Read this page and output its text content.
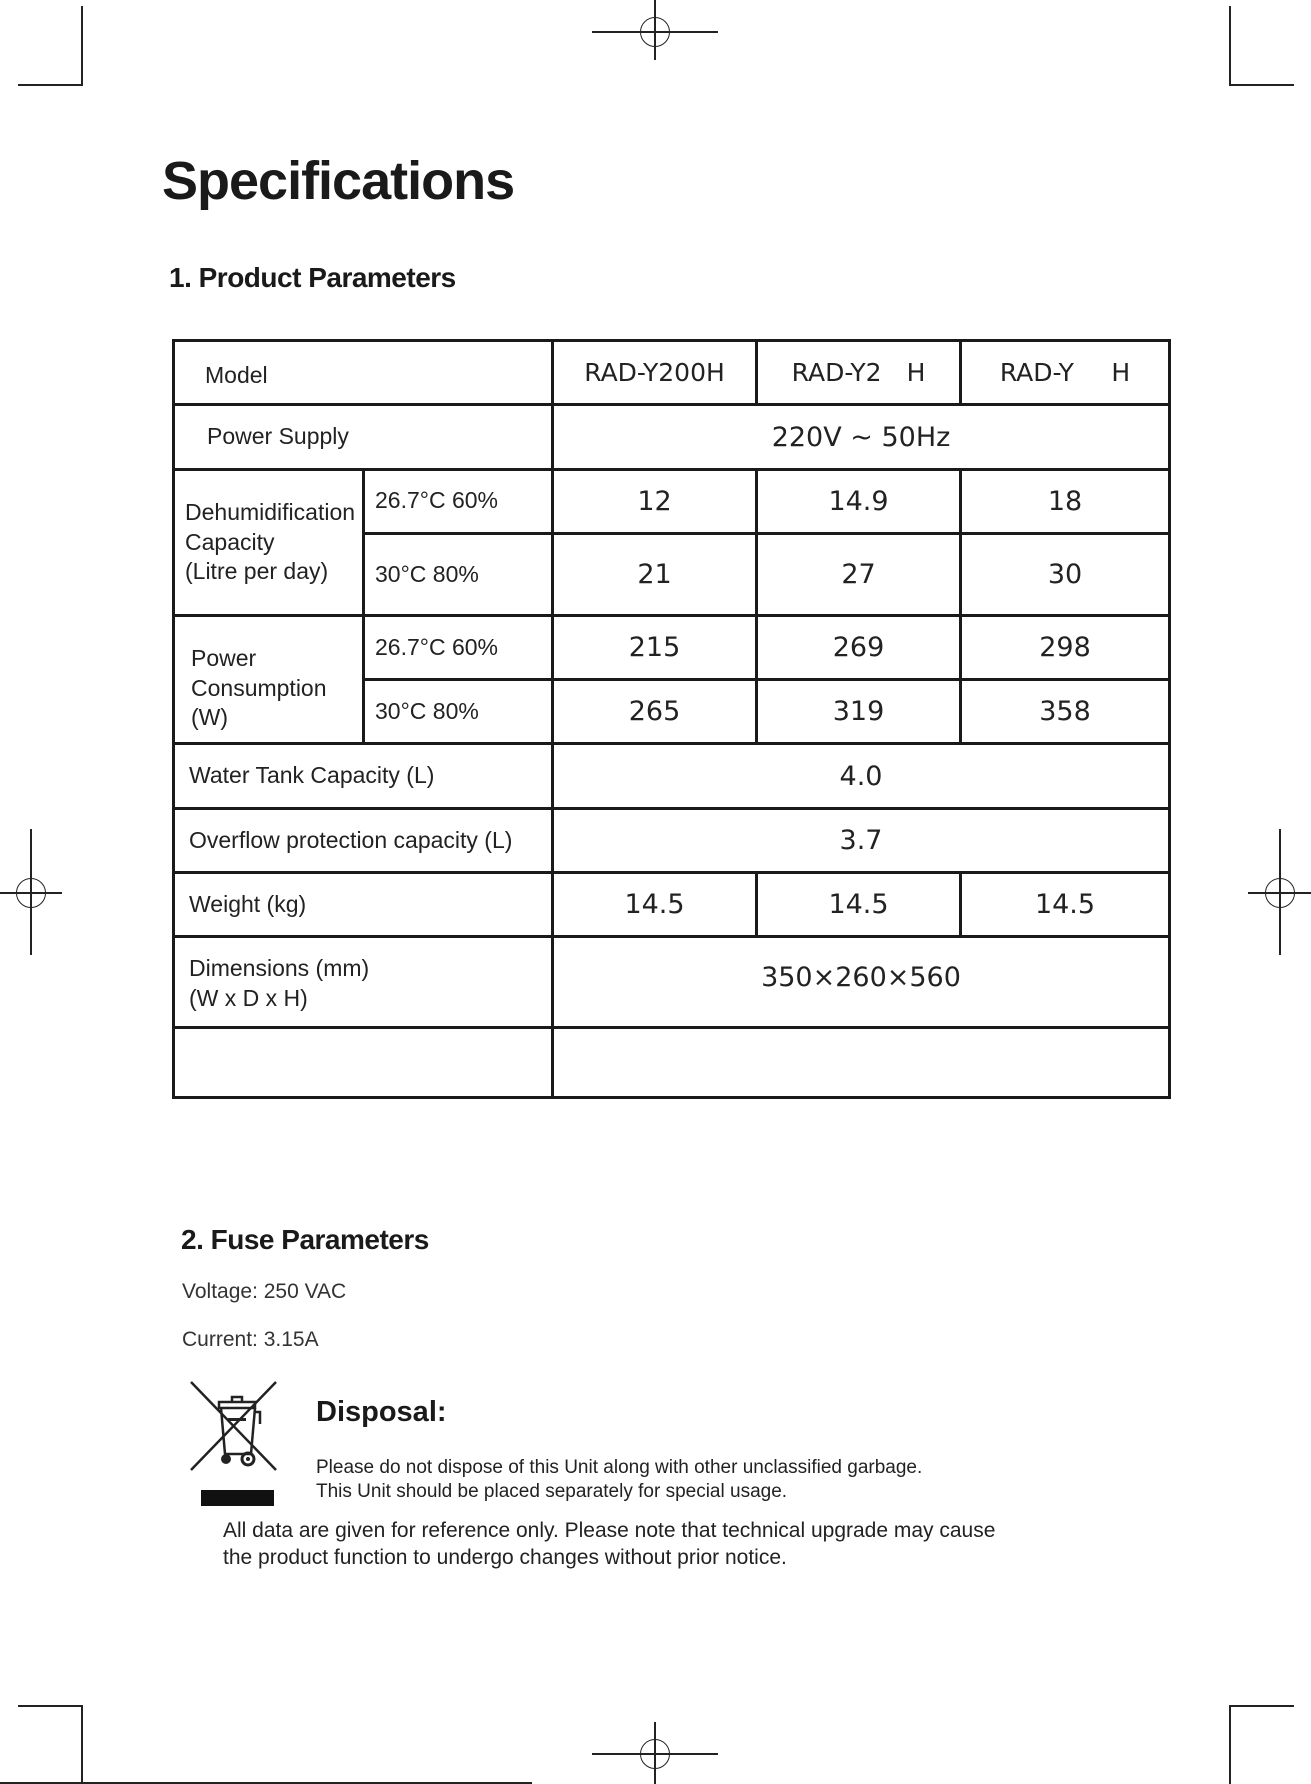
Specifications
1. Product Parameters
Model		RAD-Y200H	RAD-Y2 H	RAD-Y  H
Power Supply		220V ~ 50Hz		

Dehumidification
Capacity
(Litre per day)	26.7°C 60%	12	14.9	18
	30°C 80%	21	27	30

Power
Consumption
(W)	26.7°C 60%	215	269	298
	30°C 80%	265	319	358
Water Tank Capacity (L)		4.0		
Overflow protection capacity (L)		3.7		
Weight (kg)		14.5	14.5	14.5

Dimensions (mm)
(W x D x H)		350×260×560		

2. Fuse Parameters
Voltage: 250 VAC
Current: 3.15A
Disposal:
Please do not dispose of this Unit along with other unclassified garbage.
This Unit should be placed separately for special usage.
All data are given for reference only. Please note that technical upgrade may cause
the product function to undergo changes without prior notice.
